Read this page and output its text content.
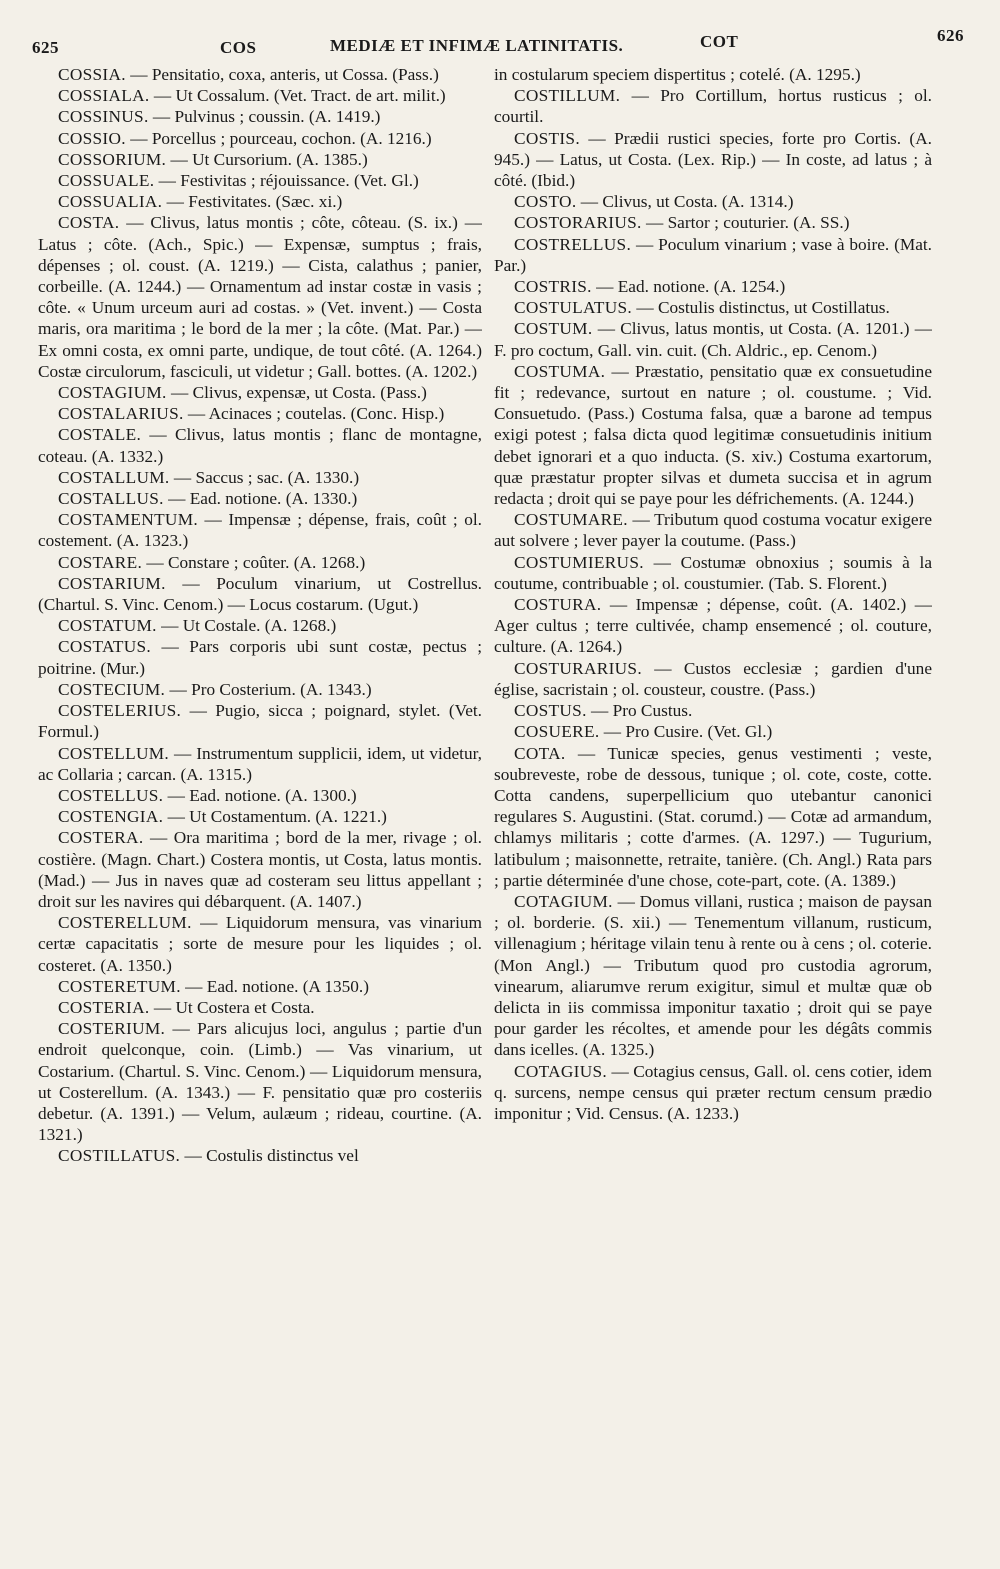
625	COS	MEDIÆ ET INFIMÆ LATINITATIS.	COT	626

COSSIA. — Pensitatio, coxa, anteris, ut Cossa. (Pass.)

COSSIALA. — Ut Cossalum. (Vet. Tract. de art. milit.)

COSSINUS. — Pulvinus ; coussin. (A. 1419.)

COSSIO. — Porcellus ; pourceau, cochon. (A. 1216.)

COSSORIUM. — Ut Cursorium. (A. 1385.)

COSSUALE. — Festivitas ; réjouissance. (Vet. Gl.)

COSSUALIA. — Festivitates. (Sæc. xi.)

COSTA. — Clivus, latus montis ; côte, côteau. (S. ix.) — Latus ; côte. (Ach., Spic.) — Expensæ, sumptus ; frais, dépenses ; ol. coust. (A. 1219.) — Cista, calathus ; panier, corbeille. (A. 1244.) — Ornamentum ad instar costæ in vasis ; côte. « Unum urceum auri ad costas. » (Vet. invent.) — Costa maris, ora maritima ; le bord de la mer ; la côte. (Mat. Par.) — Ex omni costa, ex omni parte, undique, de tout côté. (A. 1264.) Costæ circulorum, fasciculi, ut videtur ; Gall. bottes. (A. 1202.)

COSTAGIUM. — Clivus, expensæ, ut Costa. (Pass.)

COSTALARIUS. — Acinaces ; coutelas. (Conc. Hisp.)

COSTALE. — Clivus, latus montis ; flanc de montagne, coteau. (A. 1332.)

COSTALLUM. — Saccus ; sac. (A. 1330.)

COSTALLUS. — Ead. notione. (A. 1330.)

COSTAMENTUM. — Impensæ ; dépense, frais, coût ; ol. costement. (A. 1323.)

COSTARE. — Constare ; coûter. (A. 1268.)

COSTARIUM. — Poculum vinarium, ut Costrellus. (Chartul. S. Vinc. Cenom.) — Locus costarum. (Ugut.)

COSTATUM. — Ut Costale. (A. 1268.)

COSTATUS. — Pars corporis ubi sunt costæ, pectus ; poitrine. (Mur.)

COSTECIUM. — Pro Costerium. (A. 1343.)

COSTELERIUS. — Pugio, sicca ; poignard, stylet. (Vet. Formul.)

COSTELLUM. — Instrumentum supplicii, idem, ut videtur, ac Collaria ; carcan. (A. 1315.)

COSTELLUS. — Ead. notione. (A. 1300.)

COSTENGIA. — Ut Costamentum. (A. 1221.)

COSTERA. — Ora maritima ; bord de la mer, rivage ; ol. costière. (Magn. Chart.) Costera montis, ut Costa, latus montis. (Mad.) — Jus in naves quæ ad costeram seu littus appellant ; droit sur les navires qui débarquent. (A. 1407.)

COSTERELLUM. — Liquidorum mensura, vas vinarium certæ capacitatis ; sorte de mesure pour les liquides ; ol. costeret. (A. 1350.)

COSTERETUM. — Ead. notione. (A 1350.)

COSTERIA. — Ut Costera et Costa.

COSTERIUM. — Pars alicujus loci, angulus ; partie d'un endroit quelconque, coin. (Limb.) — Vas vinarium, ut Costarium. (Chartul. S. Vinc. Cenom.) — Liquidorum mensura, ut Costerellum. (A. 1343.) — F. pensitatio quæ pro costeriis debetur. (A. 1391.) — Velum, aulæum ; rideau, courtine. (A. 1321.)

COSTILLATUS. — Costulis distinctus vel

in costularum speciem dispertitus ; cotelé. (A. 1295.)

COSTILLUM. — Pro Cortillum, hortus rusticus ; ol. courtil.

COSTIS. — Prædii rustici species, forte pro Cortis. (A. 945.) — Latus, ut Costa. (Lex. Rip.) — In coste, ad latus ; à côté. (Ibid.)

COSTO. — Clivus, ut Costa. (A. 1314.)

COSTORARIUS. — Sartor ; couturier. (A. SS.)

COSTRELLUS. — Poculum vinarium ; vase à boire. (Mat. Par.)

COSTRIS. — Ead. notione. (A. 1254.)

COSTULATUS. — Costulis distinctus, ut Costillatus.

COSTUM. — Clivus, latus montis, ut Costa. (A. 1201.) — F. pro coctum, Gall. vin. cuit. (Ch. Aldric., ep. Cenom.)

COSTUMA. — Præstatio, pensitatio quæ ex consuetudine fit ; redevance, surtout en nature ; ol. coustume. ; Vid. Consuetudo. (Pass.) Costuma falsa, quæ a barone ad tempus exigi potest ; falsa dicta quod legitimæ consuetudinis initium debet ignorari et a quo inducta. (S. xiv.) Costuma exartorum, quæ præstatur propter silvas et dumeta succisa et in agrum redacta ; droit qui se paye pour les défrichements. (A. 1244.)

COSTUMARE. — Tributum quod costuma vocatur exigere aut solvere ; lever payer la coutume. (Pass.)

COSTUMIERUS. — Costumæ obnoxius ; soumis à la coutume, contribuable ; ol. coustumier. (Tab. S. Florent.)

COSTURA. — Impensæ ; dépense, coût. (A. 1402.) — Ager cultus ; terre cultivée, champ ensemencé ; ol. couture, culture. (A. 1264.)

COSTURARIUS. — Custos ecclesiæ ; gardien d'une église, sacristain ; ol. cousteur, coustre. (Pass.)

COSTUS. — Pro Custus.

COSUERE. — Pro Cusire. (Vet. Gl.)

COTA. — Tunicæ species, genus vestimenti ; veste, soubreveste, robe de dessous, tunique ; ol. cote, coste, cotte. Cotta candens, superpellicium quo utebantur canonici regulares S. Augustini. (Stat. corumd.) — Cotæ ad armandum, chlamys militaris ; cotte d'armes. (A. 1297.) — Tugurium, latibulum ; maisonnette, retraite, tanière. (Ch. Angl.) Rata pars ; partie déterminée d'une chose, cote-part, cote. (A. 1389.)

COTAGIUM. — Domus villani, rustica ; maison de paysan ; ol. borderie. (S. xii.) — Tenementum villanum, rusticum, villenagium ; héritage vilain tenu à rente ou à cens ; ol. coterie. (Mon Angl.) — Tributum quod pro custodia agrorum, vinearum, aliarumve rerum exigitur, simul et multæ quæ ob delicta in iis commissa imponitur taxatio ; droit qui se paye pour garder les récoltes, et amende pour les dégâts commis dans icelles. (A. 1325.)

COTAGIUS. — Cotagius census, Gall. ol. cens cotier, idem q. surcens, nempe census qui præter rectum censum prædio imponitur ; Vid. Census. (A. 1233.)
